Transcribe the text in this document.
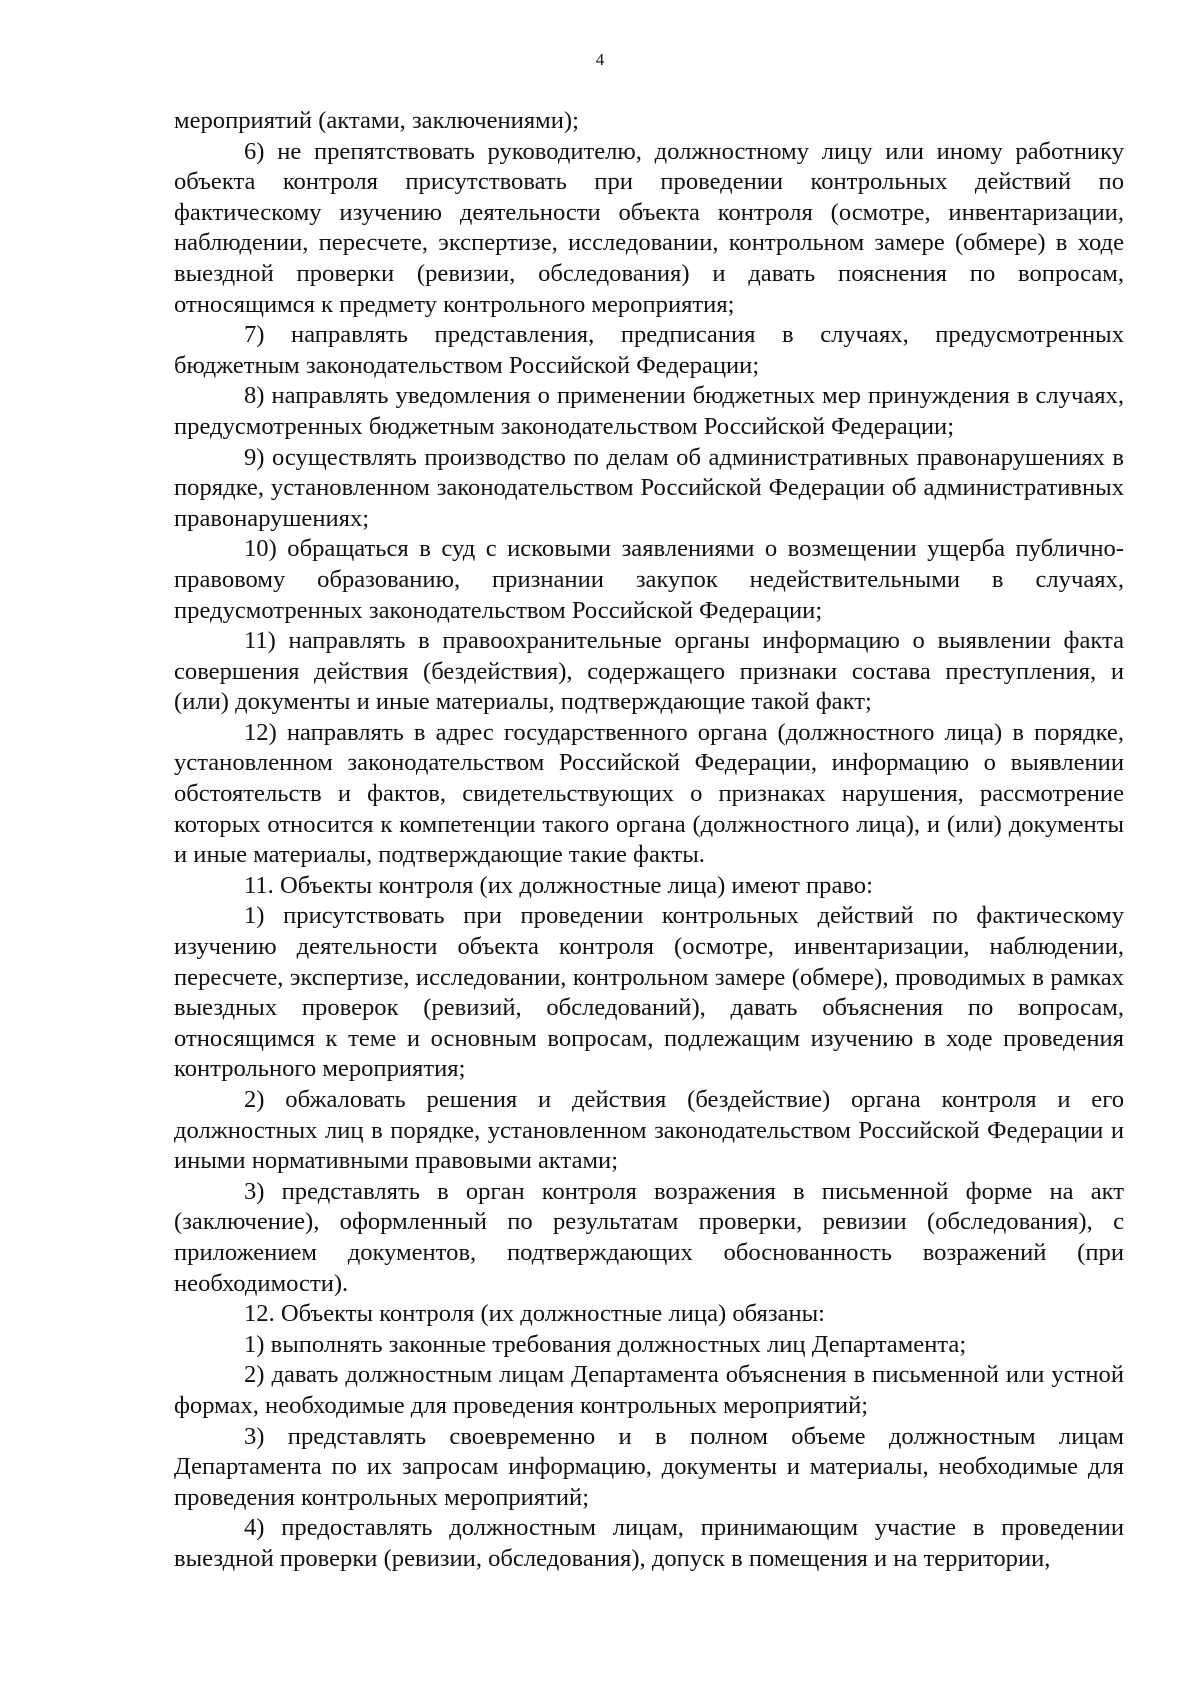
4

мероприятий (актами, заключениями);

6) не препятствовать руководителю, должностному лицу или иному работнику объекта контроля присутствовать при проведении контрольных действий по фактическому изучению деятельности объекта контроля (осмотре, инвентаризации, наблюдении, пересчете, экспертизе, исследовании, контрольном замере (обмере) в ходе выездной проверки (ревизии, обследования) и давать пояснения по вопросам, относящимся к предмету контрольного мероприятия;

7) направлять представления, предписания в случаях, предусмотренных бюджетным законодательством Российской Федерации;

8) направлять уведомления о применении бюджетных мер принуждения в случаях, предусмотренных бюджетным законодательством Российской Федерации;

9) осуществлять производство по делам об административных правонарушениях в порядке, установленном законодательством Российской Федерации об административных правонарушениях;

10) обращаться в суд с исковыми заявлениями о возмещении ущерба публично-правовому образованию, признании закупок недействительными в случаях, предусмотренных законодательством Российской Федерации;

11) направлять в правоохранительные органы информацию о выявлении факта совершения действия (бездействия), содержащего признаки состава преступления, и (или) документы и иные материалы, подтверждающие такой факт;

12) направлять в адрес государственного органа (должностного лица) в порядке, установленном законодательством Российской Федерации, информацию о выявлении обстоятельств и фактов, свидетельствующих о признаках нарушения, рассмотрение которых относится к компетенции такого органа (должностного лица), и (или) документы и иные материалы, подтверждающие такие факты.

11. Объекты контроля (их должностные лица) имеют право:

1) присутствовать при проведении контрольных действий по фактическому изучению деятельности объекта контроля (осмотре, инвентаризации, наблюдении, пересчете, экспертизе, исследовании, контрольном замере (обмере), проводимых в рамках выездных проверок (ревизий, обследований), давать объяснения по вопросам, относящимся к теме и основным вопросам, подлежащим изучению в ходе проведения контрольного мероприятия;

2) обжаловать решения и действия (бездействие) органа контроля и его должностных лиц в порядке, установленном законодательством Российской Федерации и иными нормативными правовыми актами;

3) представлять в орган контроля возражения в письменной форме на акт (заключение), оформленный по результатам проверки, ревизии (обследования), с приложением документов, подтверждающих обоснованность возражений (при необходимости).

12. Объекты контроля (их должностные лица) обязаны:

1) выполнять законные требования должностных лиц Департамента;

2) давать должностным лицам Департамента объяснения в письменной или устной формах, необходимые для проведения контрольных мероприятий;

3) представлять своевременно и в полном объеме должностным лицам Департамента по их запросам информацию, документы и материалы, необходимые для проведения контрольных мероприятий;

4) предоставлять должностным лицам, принимающим участие в проведении выездной проверки (ревизии, обследования), допуск в помещения и на территории,
